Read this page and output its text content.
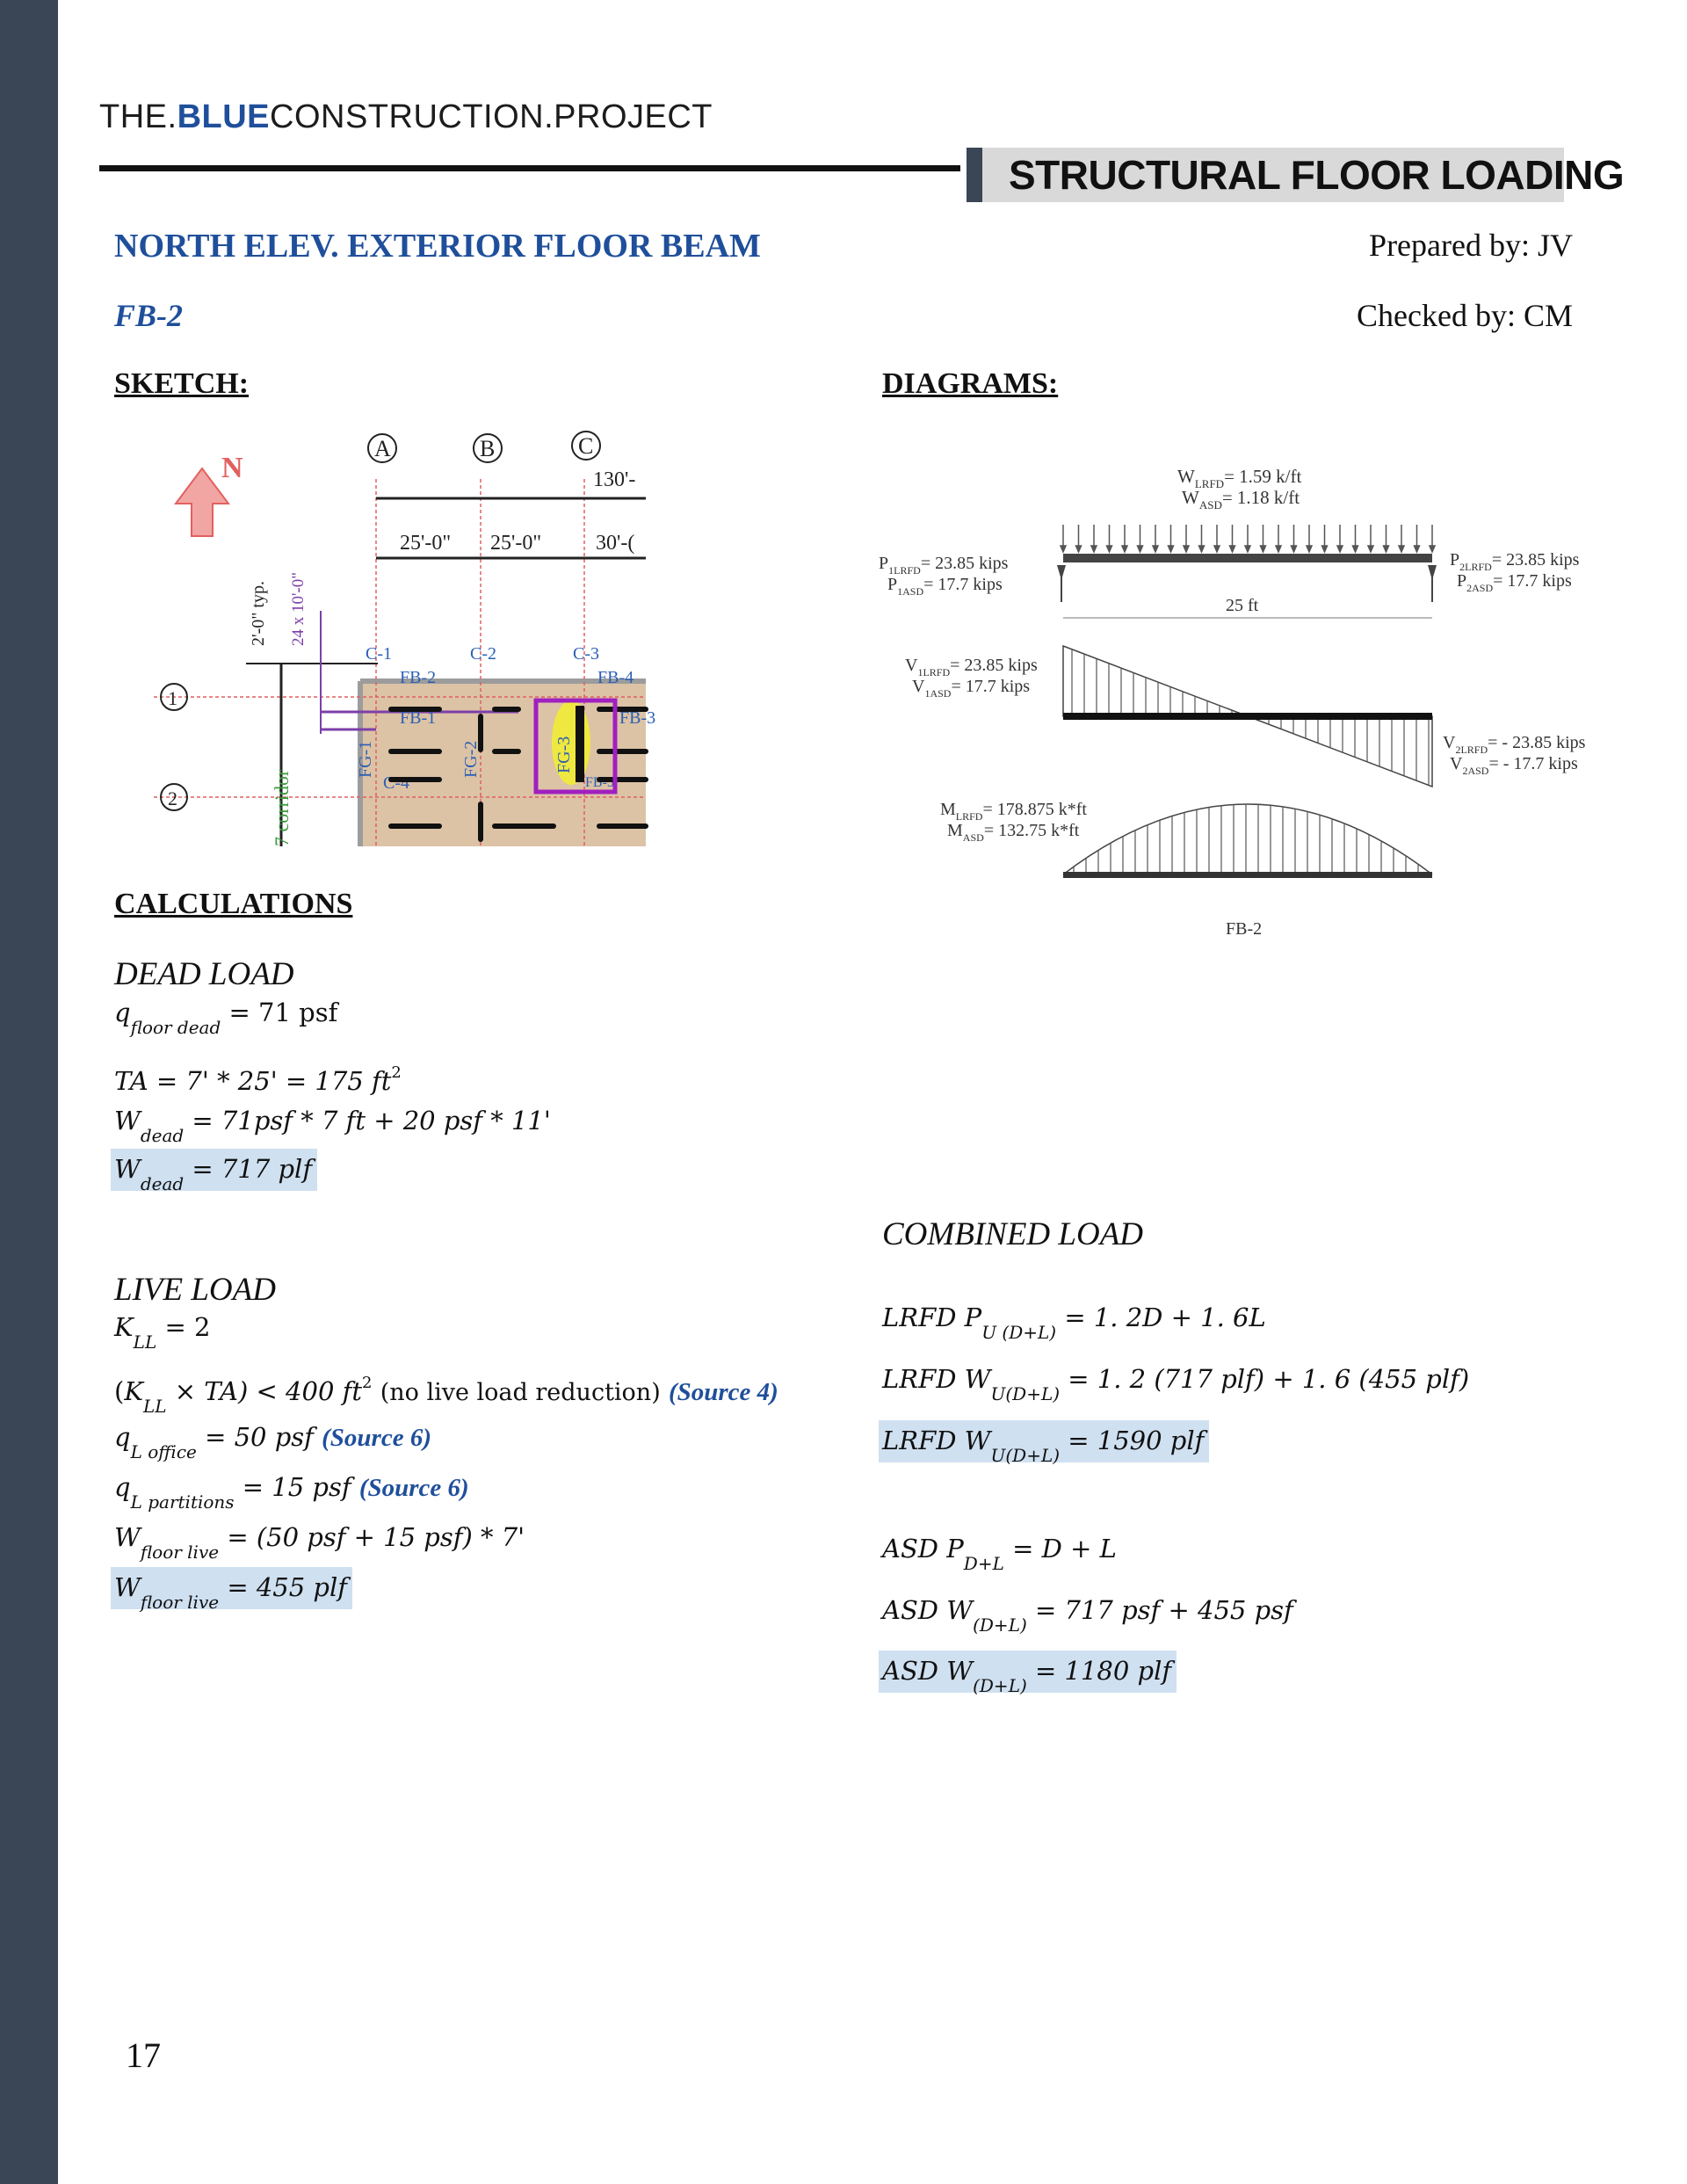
THE.BLUECONSTRUCTION.PROJECT
STRUCTURAL FLOOR LOADING
NORTH ELEV. EXTERIOR FLOOR BEAM
FB-2
Prepared by: JV
Checked by: CM
SKETCH:	DIAGRAMS:
N
A	B	C
1
2
130'-
25'-0" 25'-0"	30'-(
2'-0" typ. 24 x 10'-0"
7 corridor
C-1	C-2	C-3
C-4
FB-2
FB-1
FB-4
FB-3
FB-5
FG-1	FG-2	FG-3
$W_{LRFD}= 1.59$ k/ft
$W_{ASD}= 1.18$ k/ft
25 ft
$P_{1LRFD}= 23.85$ kips
$P_{1ASD}= 17.7$ kips
$P_{2LRFD}= 23.85$ kips
$P_{2ASD}= 17.7$ kips
$V_{1LRFD}= 23.85$ kips
$V_{1ASD}= 17.7$ kips
$V_{2LRFD}= - 23.85$ kips
$V_{2ASD}= - 17.7$ kips
$M_{LRFD}= 178.875$ k*ft
$M_{ASD}= 132.75$ k*ft
FB-2
CALCULATIONS
DEAD LOAD
$q_{floor dead} = 71$ psf
TA = 7' * 25' = 175 $ft^2$
$W_{dead} = 71psf * 7$ ft + 20 psf * 11'
$W_{dead} = 717$ plf
LIVE LOAD
$K_{LL} = 2$
$(K_{LL} \times TA) < 400$ $ft^2$ (no live load reduction) (Source 4)
$q_{L office} = 50$ psf (Source 6)
$q_{L partitions} = 15$ psf (Source 6)
$W_{floor live} = (50$ psf + 15 psf) * 7'
$W_{floor live} = 455$ plf
COMBINED LOAD
LRFD $P_{U (D+L)} = 1$. 2D + 1. 6L
LRFD $W_{U(D+L)} = 1$. 2 (717 plf) + 1. 6 (455 plf)
LRFD $W_{U(D+L)} = 1590$ plf
ASD $P_{D+L} = D + L$
ASD $W_{(D+L)} = 717$ psf + 455 psf
ASD $W_{(D+L)} = 1180$ plf
17
